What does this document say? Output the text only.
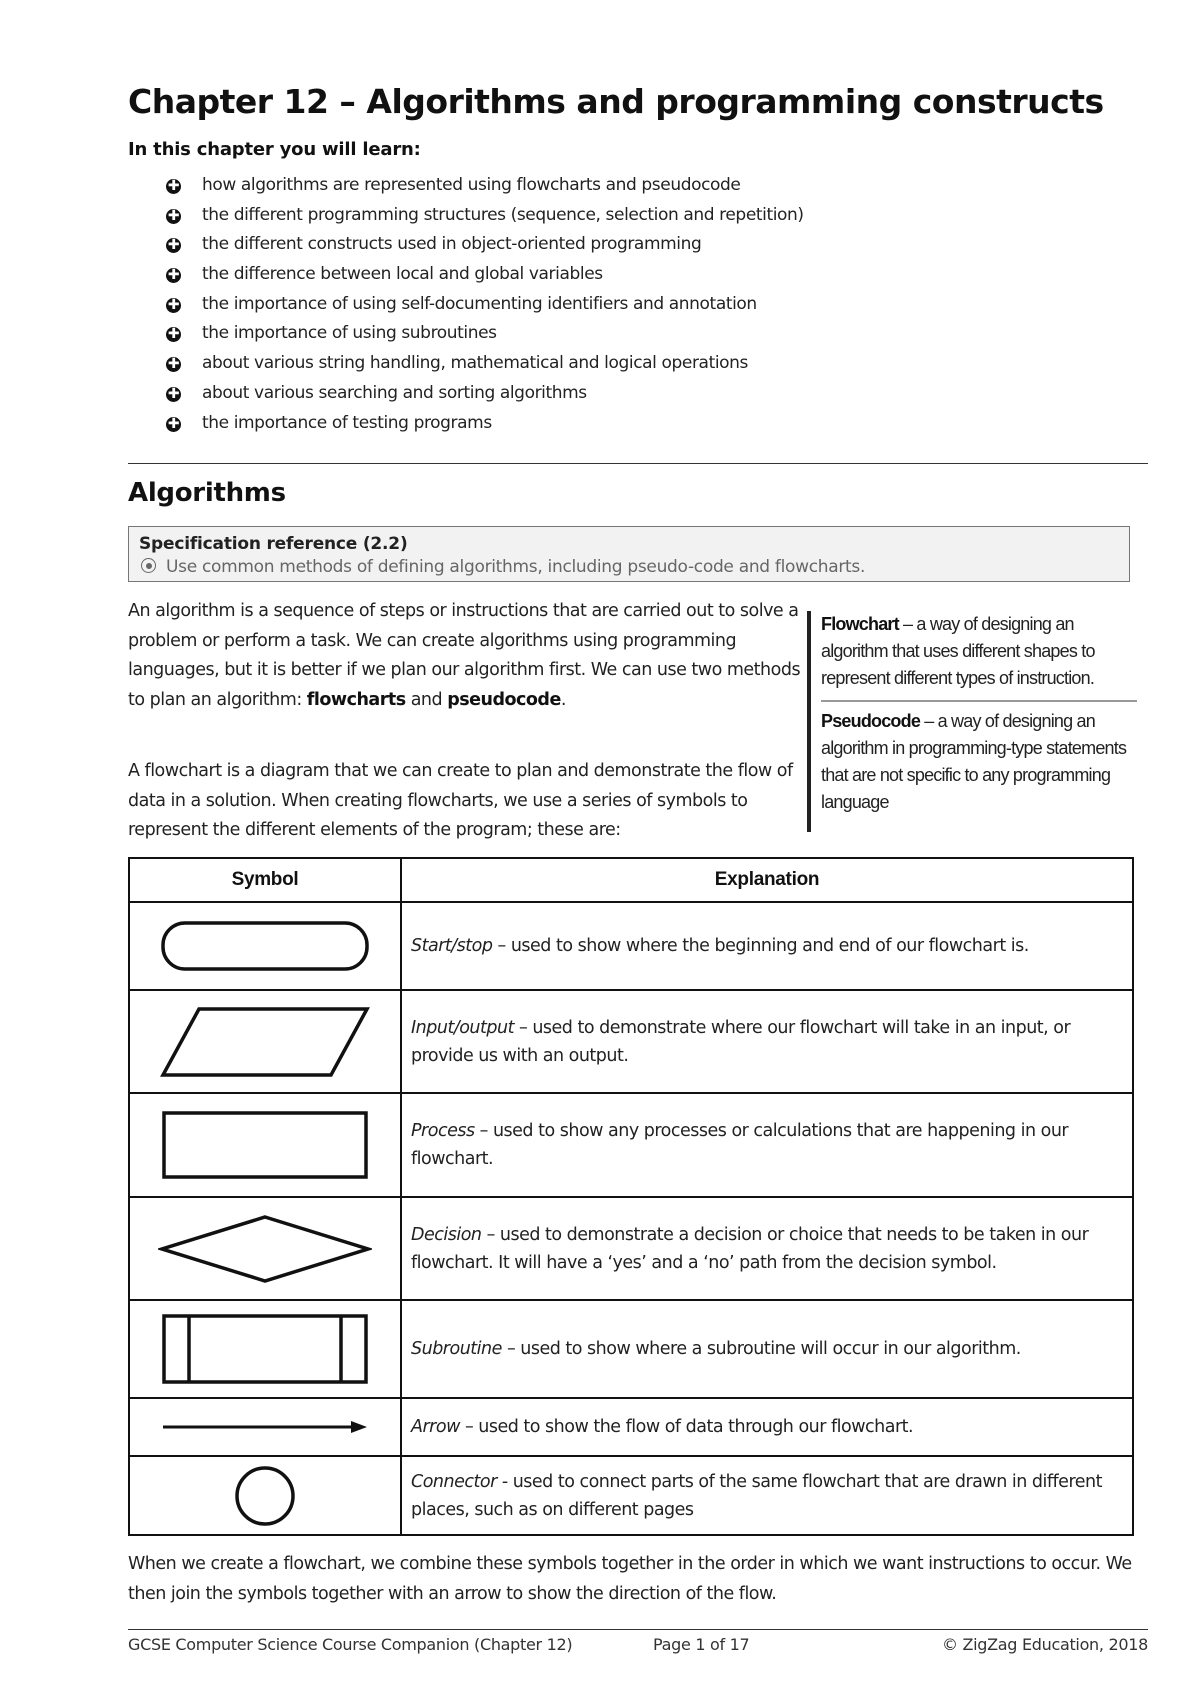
Chapter 12 – Algorithms and programming constructs
In this chapter you will learn:
✚ how algorithms are represented using flowcharts and pseudocode
✚ the different programming structures (sequence, selection and repetition)
✚ the different constructs used in object-oriented programming
✚ the difference between local and global variables
✚ the importance of using self-documenting identifiers and annotation
✚ the importance of using subroutines
✚ about various string handling, mathematical and logical operations
✚ about various searching and sorting algorithms
✚ the importance of testing programs
Algorithms
Specification reference (2.2)
Use common methods of defining algorithms, including pseudo-code and flowcharts.

An algorithm is a sequence of steps or instructions that are carried out to solve a problem or perform a task. We can create algorithms using programming languages, but it is better if we plan our algorithm first. We can use two methods to plan an algorithm: flowcharts and pseudocode.

A flowchart is a diagram that we can create to plan and demonstrate the flow of data in a solution. When creating flowcharts, we use a series of symbols to represent the different elements of the program; these are:

Flowchart – a way of designing an algorithm that uses different shapes to represent different types of instruction.
Pseudocode – a way of designing an algorithm in programming-type statements that are not specific to any programming language
Symbol	Explanation

	Start/stop – used to show where the beginning and end of our flowchart is.

	Input/output – used to demonstrate where our flowchart will take in an input, or provide us with an output.

	Process – used to show any processes or calculations that are happening in our flowchart.

	Decision – used to demonstrate a decision or choice that needs to be taken in our flowchart. It will have a ‘yes’ and a ‘no’ path from the decision symbol.

	Subroutine – used to show where a subroutine will occur in our algorithm.

	Arrow – used to show the flow of data through our flowchart.

	Connector - used to connect parts of the same flowchart that are drawn in different places, such as on different pages

When we create a flowchart, we combine these symbols together in the order in which we want instructions to occur. We then join the symbols together with an arrow to show the direction of the flow.

GCSE Computer Science Course Companion (Chapter 12)	Page 1 of 17	© ZigZag Education, 2018
